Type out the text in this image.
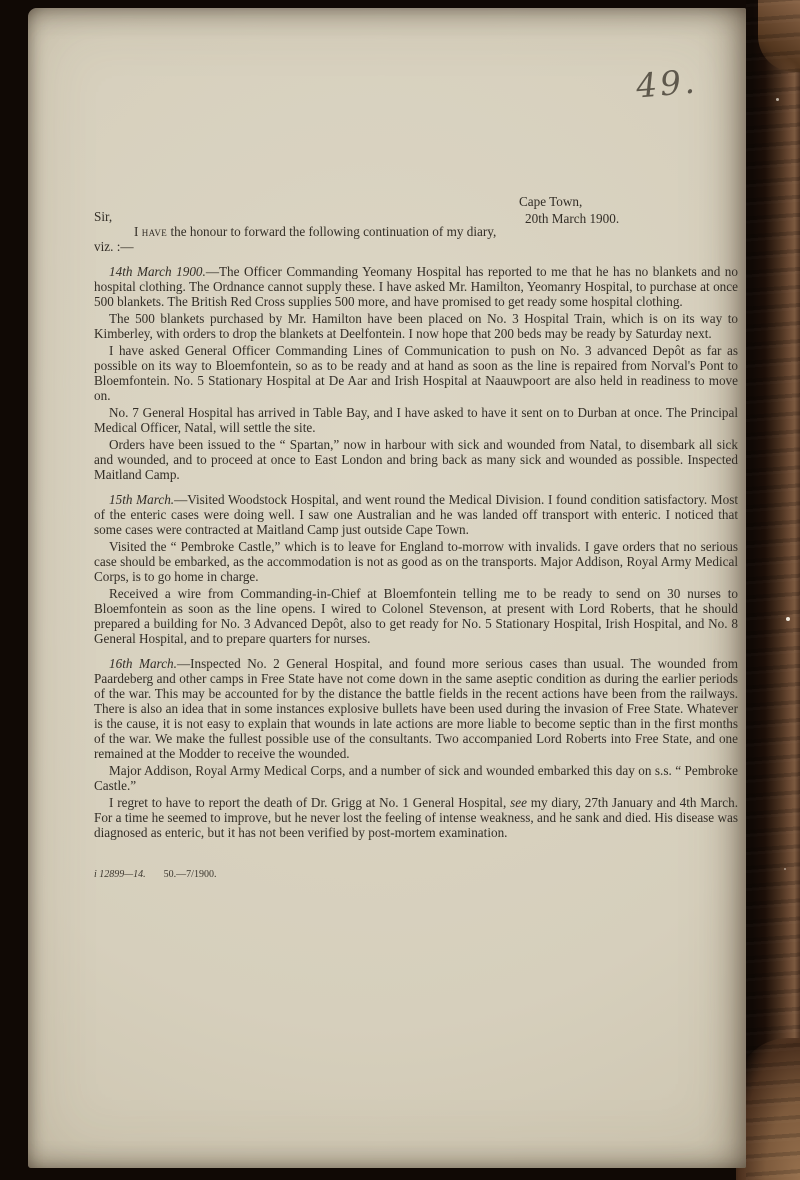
49.
Cape Town,
Sir,	20th March 1900.

I have the honour to forward the following continuation of my diary,

viz. :—

14th March 1900.—The Officer Commanding Yeomany Hospital has reported to me that he has no blankets and no hospital clothing. The Ordnance cannot supply these. I have asked Mr. Hamilton, Yeomanry Hospital, to purchase at once 500 blankets. The British Red Cross supplies 500 more, and have promised to get ready some hospital clothing.

The 500 blankets purchased by Mr. Hamilton have been placed on No. 3 Hospital Train, which is on its way to Kimberley, with orders to drop the blankets at Deelfontein. I now hope that 200 beds may be ready by Saturday next.

I have asked General Officer Commanding Lines of Communication to push on No. 3 advanced Depôt as far as possible on its way to Bloemfontein, so as to be ready and at hand as soon as the line is repaired from Norval's Pont to Bloemfontein. No. 5 Stationary Hospital at De Aar and Irish Hospital at Naauwpoort are also held in readiness to move on.

No. 7 General Hospital has arrived in Table Bay, and I have asked to have it sent on to Durban at once. The Principal Medical Officer, Natal, will settle the site.

Orders have been issued to the “ Spartan,” now in harbour with sick and wounded from Natal, to disembark all sick and wounded, and to proceed at once to East London and bring back as many sick and wounded as possible. Inspected Maitland Camp.

15th March.—Visited Woodstock Hospital, and went round the Medical Division. I found condition satisfactory. Most of the enteric cases were doing well. I saw one Australian and he was landed off transport with enteric. I noticed that some cases were contracted at Maitland Camp just outside Cape Town.

Visited the “ Pembroke Castle,” which is to leave for England to-morrow with invalids. I gave orders that no serious case should be embarked, as the accommodation is not as good as on the transports. Major Addison, Royal Army Medical Corps, is to go home in charge.

Received a wire from Commanding-in-Chief at Bloemfontein telling me to be ready to send on 30 nurses to Bloemfontein as soon as the line opens. I wired to Colonel Stevenson, at present with Lord Roberts, that he should prepared a building for No. 3 Advanced Depôt, also to get ready for No. 5 Stationary Hospital, Irish Hospital, and No. 8 General Hospital, and to prepare quarters for nurses.

16th March.—Inspected No. 2 General Hospital, and found more serious cases than usual. The wounded from Paardeberg and other camps in Free State have not come down in the same aseptic condition as during the earlier periods of the war. This may be accounted for by the distance the battle fields in the recent actions have been from the railways. There is also an idea that in some instances explosive bullets have been used during the invasion of Free State. Whatever is the cause, it is not easy to explain that wounds in late actions are more liable to become septic than in the first months of the war. We make the fullest possible use of the consultants. Two accompanied Lord Roberts into Free State, and one remained at the Modder to receive the wounded.

Major Addison, Royal Army Medical Corps, and a number of sick and wounded embarked this day on s.s. “ Pembroke Castle.”

I regret to have to report the death of Dr. Grigg at No. 1 General Hospital, see my diary, 27th January and 4th March. For a time he seemed to improve, but he never lost the feeling of intense weakness, and he sank and died. His disease was diagnosed as enteric, but it has not been verified by post-mortem examination.

i 12899—14. 50.—7/1900.
